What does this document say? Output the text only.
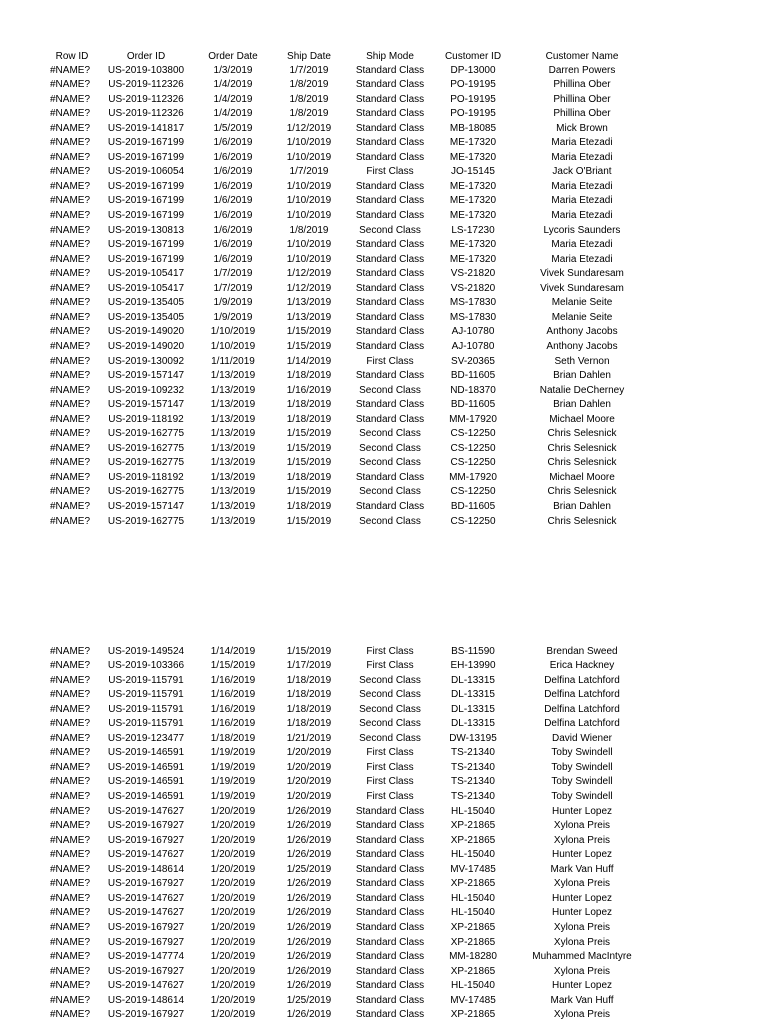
Row ID	Order ID	Order Date	Ship Date	Ship Mode	Customer ID	Customer Name
#NAME?	US-2019-103800	1/3/2019	1/7/2019	Standard Class	DP-13000	Darren Powers
#NAME?	US-2019-112326	1/4/2019	1/8/2019	Standard Class	PO-19195	Phillina Ober
#NAME?	US-2019-112326	1/4/2019	1/8/2019	Standard Class	PO-19195	Phillina Ober
#NAME?	US-2019-112326	1/4/2019	1/8/2019	Standard Class	PO-19195	Phillina Ober
#NAME?	US-2019-141817	1/5/2019	1/12/2019	Standard Class	MB-18085	Mick Brown
#NAME?	US-2019-167199	1/6/2019	1/10/2019	Standard Class	ME-17320	Maria Etezadi
#NAME?	US-2019-167199	1/6/2019	1/10/2019	Standard Class	ME-17320	Maria Etezadi
#NAME?	US-2019-106054	1/6/2019	1/7/2019	First Class	JO-15145	Jack O'Briant
#NAME?	US-2019-167199	1/6/2019	1/10/2019	Standard Class	ME-17320	Maria Etezadi
#NAME?	US-2019-167199	1/6/2019	1/10/2019	Standard Class	ME-17320	Maria Etezadi
#NAME?	US-2019-167199	1/6/2019	1/10/2019	Standard Class	ME-17320	Maria Etezadi
#NAME?	US-2019-130813	1/6/2019	1/8/2019	Second Class	LS-17230	Lycoris Saunders
#NAME?	US-2019-167199	1/6/2019	1/10/2019	Standard Class	ME-17320	Maria Etezadi
#NAME?	US-2019-167199	1/6/2019	1/10/2019	Standard Class	ME-17320	Maria Etezadi
#NAME?	US-2019-105417	1/7/2019	1/12/2019	Standard Class	VS-21820	Vivek Sundaresam
#NAME?	US-2019-105417	1/7/2019	1/12/2019	Standard Class	VS-21820	Vivek Sundaresam
#NAME?	US-2019-135405	1/9/2019	1/13/2019	Standard Class	MS-17830	Melanie Seite
#NAME?	US-2019-135405	1/9/2019	1/13/2019	Standard Class	MS-17830	Melanie Seite
#NAME?	US-2019-149020	1/10/2019	1/15/2019	Standard Class	AJ-10780	Anthony Jacobs
#NAME?	US-2019-149020	1/10/2019	1/15/2019	Standard Class	AJ-10780	Anthony Jacobs
#NAME?	US-2019-130092	1/11/2019	1/14/2019	First Class	SV-20365	Seth Vernon
#NAME?	US-2019-157147	1/13/2019	1/18/2019	Standard Class	BD-11605	Brian Dahlen
#NAME?	US-2019-109232	1/13/2019	1/16/2019	Second Class	ND-18370	Natalie DeCherney
#NAME?	US-2019-157147	1/13/2019	1/18/2019	Standard Class	BD-11605	Brian Dahlen
#NAME?	US-2019-118192	1/13/2019	1/18/2019	Standard Class	MM-17920	Michael Moore
#NAME?	US-2019-162775	1/13/2019	1/15/2019	Second Class	CS-12250	Chris Selesnick
#NAME?	US-2019-162775	1/13/2019	1/15/2019	Second Class	CS-12250	Chris Selesnick
#NAME?	US-2019-162775	1/13/2019	1/15/2019	Second Class	CS-12250	Chris Selesnick
#NAME?	US-2019-118192	1/13/2019	1/18/2019	Standard Class	MM-17920	Michael Moore
#NAME?	US-2019-162775	1/13/2019	1/15/2019	Second Class	CS-12250	Chris Selesnick
#NAME?	US-2019-157147	1/13/2019	1/18/2019	Standard Class	BD-11605	Brian Dahlen
#NAME?	US-2019-162775	1/13/2019	1/15/2019	Second Class	CS-12250	Chris Selesnick
#NAME?	US-2019-149524	1/14/2019	1/15/2019	First Class	BS-11590	Brendan Sweed
#NAME?	US-2019-103366	1/15/2019	1/17/2019	First Class	EH-13990	Erica Hackney
#NAME?	US-2019-115791	1/16/2019	1/18/2019	Second Class	DL-13315	Delfina Latchford
#NAME?	US-2019-115791	1/16/2019	1/18/2019	Second Class	DL-13315	Delfina Latchford
#NAME?	US-2019-115791	1/16/2019	1/18/2019	Second Class	DL-13315	Delfina Latchford
#NAME?	US-2019-115791	1/16/2019	1/18/2019	Second Class	DL-13315	Delfina Latchford
#NAME?	US-2019-123477	1/18/2019	1/21/2019	Second Class	DW-13195	David Wiener
#NAME?	US-2019-146591	1/19/2019	1/20/2019	First Class	TS-21340	Toby Swindell
#NAME?	US-2019-146591	1/19/2019	1/20/2019	First Class	TS-21340	Toby Swindell
#NAME?	US-2019-146591	1/19/2019	1/20/2019	First Class	TS-21340	Toby Swindell
#NAME?	US-2019-146591	1/19/2019	1/20/2019	First Class	TS-21340	Toby Swindell
#NAME?	US-2019-147627	1/20/2019	1/26/2019	Standard Class	HL-15040	Hunter Lopez
#NAME?	US-2019-167927	1/20/2019	1/26/2019	Standard Class	XP-21865	Xylona Preis
#NAME?	US-2019-167927	1/20/2019	1/26/2019	Standard Class	XP-21865	Xylona Preis
#NAME?	US-2019-147627	1/20/2019	1/26/2019	Standard Class	HL-15040	Hunter Lopez
#NAME?	US-2019-148614	1/20/2019	1/25/2019	Standard Class	MV-17485	Mark Van Huff
#NAME?	US-2019-167927	1/20/2019	1/26/2019	Standard Class	XP-21865	Xylona Preis
#NAME?	US-2019-147627	1/20/2019	1/26/2019	Standard Class	HL-15040	Hunter Lopez
#NAME?	US-2019-147627	1/20/2019	1/26/2019	Standard Class	HL-15040	Hunter Lopez
#NAME?	US-2019-167927	1/20/2019	1/26/2019	Standard Class	XP-21865	Xylona Preis
#NAME?	US-2019-167927	1/20/2019	1/26/2019	Standard Class	XP-21865	Xylona Preis
#NAME?	US-2019-147774	1/20/2019	1/26/2019	Standard Class	MM-18280	Muhammed MacIntyre
#NAME?	US-2019-167927	1/20/2019	1/26/2019	Standard Class	XP-21865	Xylona Preis
#NAME?	US-2019-147627	1/20/2019	1/26/2019	Standard Class	HL-15040	Hunter Lopez
#NAME?	US-2019-148614	1/20/2019	1/25/2019	Standard Class	MV-17485	Mark Van Huff
#NAME?	US-2019-167927	1/20/2019	1/26/2019	Standard Class	XP-21865	Xylona Preis
